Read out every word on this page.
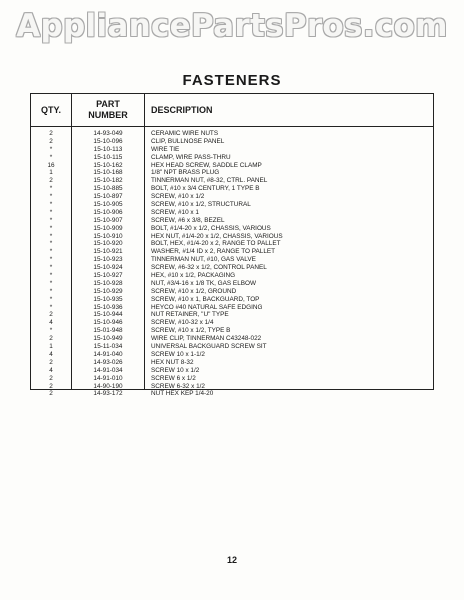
AppliancePartsPros.com
FASTENERS
QTY.
PART
NUMBER	DESCRIPTION
2
2
*
*
16
1
2
*
*
*
*
*
*
*
*
*
*
*
*
*
*
*
*
2
4
*
2
1
4
2
4
2
2
2
14-93-049
15-10-096
15-10-113
15-10-115
15-10-162
15-10-168
15-10-182
15-10-885
15-10-897
15-10-905
15-10-906
15-10-907
15-10-909
15-10-910
15-10-920
15-10-921
15-10-923
15-10-924
15-10-927
15-10-928
15-10-929
15-10-935
15-10-936
15-10-944
15-10-946
15-01-948
15-10-949
15-11-034
14-91-040
14-93-026
14-91-034
14-91-010
14-90-190
14-93-172
CERAMIC WIRE NUTS
CLIP, BULLNOSE PANEL
WIRE TIE
CLAMP, WIRE PASS-THRU
HEX HEAD SCREW, SADDLE CLAMP
1/8" NPT BRASS PLUG
TINNERMAN NUT, #8-32, CTRL. PANEL
BOLT, #10 x 3/4 CENTURY, 1 TYPE B
SCREW, #10 x 1/2
SCREW, #10 x 1/2, STRUCTURAL
SCREW, #10 x 1
SCREW, #6 x 3/8, BEZEL
BOLT, #1/4-20 x 1/2, CHASSIS, VARIOUS
HEX NUT, #1/4-20 x 1/2, CHASSIS, VARIOUS
BOLT, HEX, #1/4-20 x 2, RANGE TO PALLET
WASHER, #1/4 ID x 2, RANGE TO PALLET
TINNERMAN NUT, #10, GAS VALVE
SCREW, #6-32 x 1/2, CONTROL PANEL
HEX, #10 x 1/2, PACKAGING
NUT, #3/4-16 x 1/8 TK, GAS ELBOW
SCREW, #10 x 1/2, GROUND
SCREW, #10 x 1, BACKGUARD, TOP
HEYCO #40 NATURAL SAFE EDGING
NUT RETAINER, "U" TYPE
SCREW, #10-32 x 1/4
SCREW, #10 x 1/2, TYPE B
WIRE CLIP, TINNERMAN C43248-022
UNIVERSAL BACKGUARD SCREW SIT
SCREW 10 x 1-1/2
HEX NUT 8-32
SCREW 10 x 1/2
SCREW 6 x 1/2
SCREW 6-32 x 1/2
NUT HEX KEP 1/4-20
12
